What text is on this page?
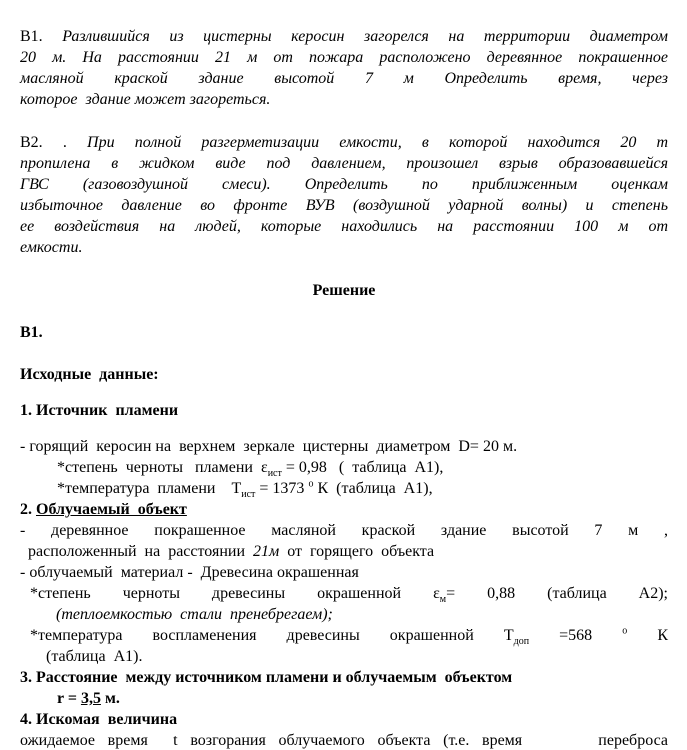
В1. Разлившийся из цистерны керосин загорелся на территории диаметром
20 м. На расстоянии 21 м от пожара расположено деревянное покрашенное
масляной краской здание высотой 7 м Определить время, через
которое  здание может загореться.
В2. . При полной разгерметизации емкости, в которой находится 20 т
пропилена в жидком виде под давлением, произошел взрыв образовавшейся
ГВС (газовоздушной смеси). Определить по приближенным оценкам
избыточное давление во фронте ВУВ (воздушной ударной волны) и степень
ее воздействия на людей, которые находились на расстоянии 100 м от
емкости.
Решение
В1.
Исходные  данные:
1. Источник  пламени
- горящий  керосин на  верхнем  зеркале  цистерны  диаметром  D= 20 м.
*степень  черноты   пламени  $\varepsilon_{ист} = 0,98$   (  таблица  А1),
*температура  пламени    $Т_{ист} = 1373$ $^о$ К  (таблица  А1),
2. Облучаемый  объект
- деревянное покрашенное масляной краской здание высотой 7 м ,
расположенный  на  расстоянии  21м  от  горящего  объекта
- облучаемый  материал -  Древесина окрашенная
*степень черноты древесины окрашенной $\varepsilon_м= 0,88$ (таблица А2);
(теплоемкостью  стали  пренебрегаем);
*температура воспламенения древесины окрашенной $Т_{доп} =568$ $^о$ К
(таблица  А1).
3. Расстояние  между источником пламени и облучаемым  объектом
r = 3,5 м.
4. Искомая  величина
ожидаемое время  t возгорания облучаемого объекта (т.е. время      переброса
